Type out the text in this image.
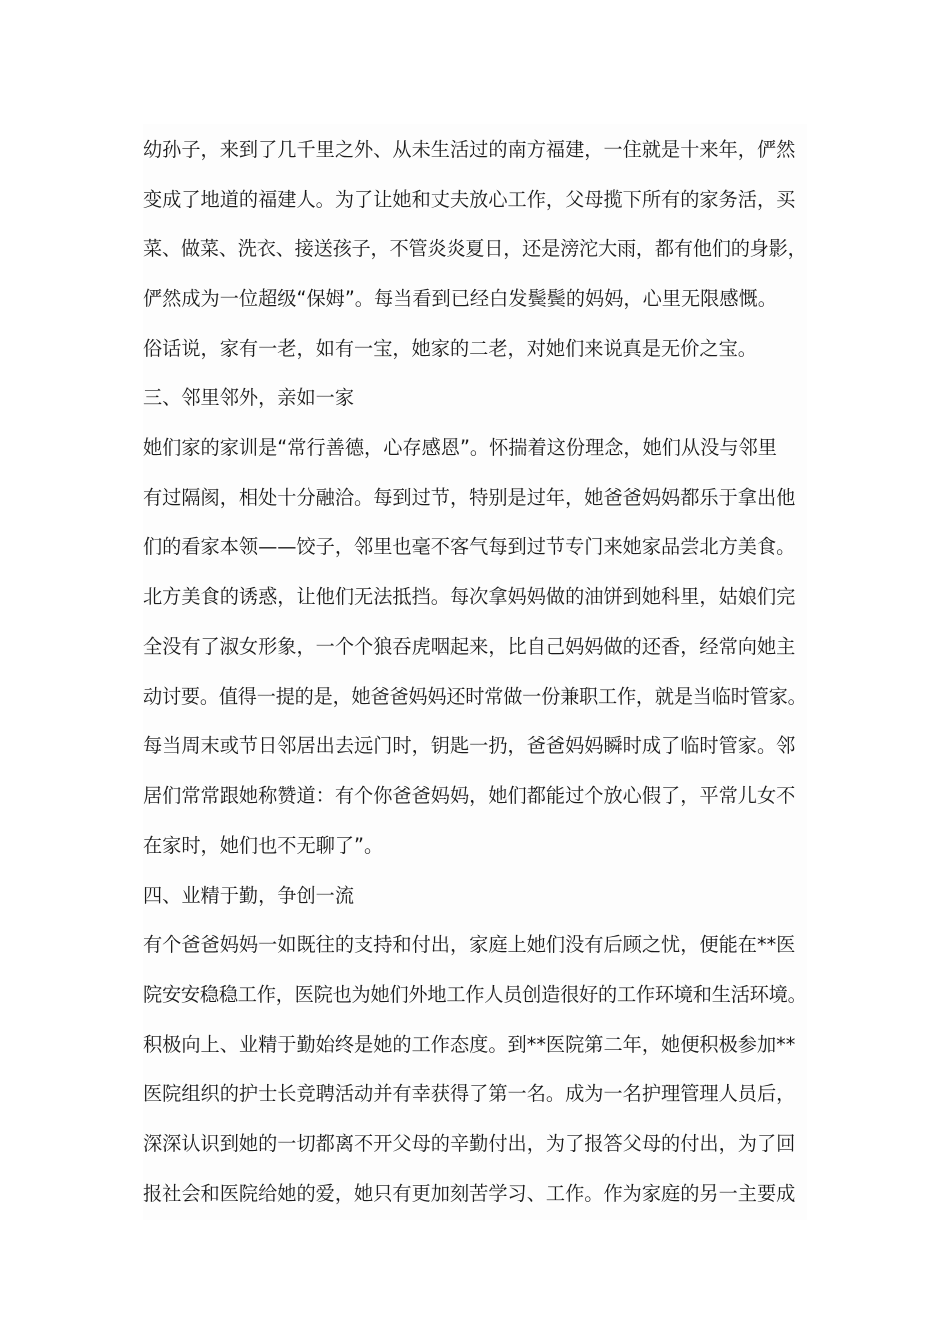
幼孙子，来到了几千里之外、从未生活过的南方福建，一住就是十来年，俨然
变成了地道的福建人。为了让她和丈夫放心工作，父母揽下所有的家务活，买
菜、做菜、洗衣、接送孩子，不管炎炎夏日，还是滂沱大雨，都有他们的身影，
俨然成为一位超级“保姆”。每当看到已经白发鬓鬓的妈妈，心里无限感慨。
俗话说，家有一老，如有一宝，她家的二老，对她们来说真是无价之宝。
三、邻里邻外，亲如一家
她们家的家训是“常行善德，心存感恩”。怀揣着这份理念，她们从没与邻里
有过隔阂，相处十分融洽。每到过节，特别是过年，她爸爸妈妈都乐于拿出他
们的看家本领——饺子，邻里也毫不客气每到过节专门来她家品尝北方美食。
北方美食的诱惑，让他们无法抵挡。每次拿妈妈做的油饼到她科里，姑娘们完
全没有了淑女形象，一个个狼吞虎咽起来，比自己妈妈做的还香，经常向她主
动讨要。值得一提的是，她爸爸妈妈还时常做一份兼职工作，就是当临时管家。
每当周末或节日邻居出去远门时，钥匙一扔，爸爸妈妈瞬时成了临时管家。邻
居们常常跟她称赞道：有个你爸爸妈妈，她们都能过个放心假了，平常儿女不
在家时，她们也不无聊了”。
四、业精于勤，争创一流
有个爸爸妈妈一如既往的支持和付出，家庭上她们没有后顾之忧，便能在**医
院安安稳稳工作，医院也为她们外地工作人员创造很好的工作环境和生活环境。
积极向上、业精于勤始终是她的工作态度。到**医院第二年，她便积极参加**
医院组织的护士长竞聘活动并有幸获得了第一名。成为一名护理管理人员后，
深深认识到她的一切都离不开父母的辛勤付出，为了报答父母的付出，为了回
报社会和医院给她的爱，她只有更加刻苦学习、工作。作为家庭的另一主要成
